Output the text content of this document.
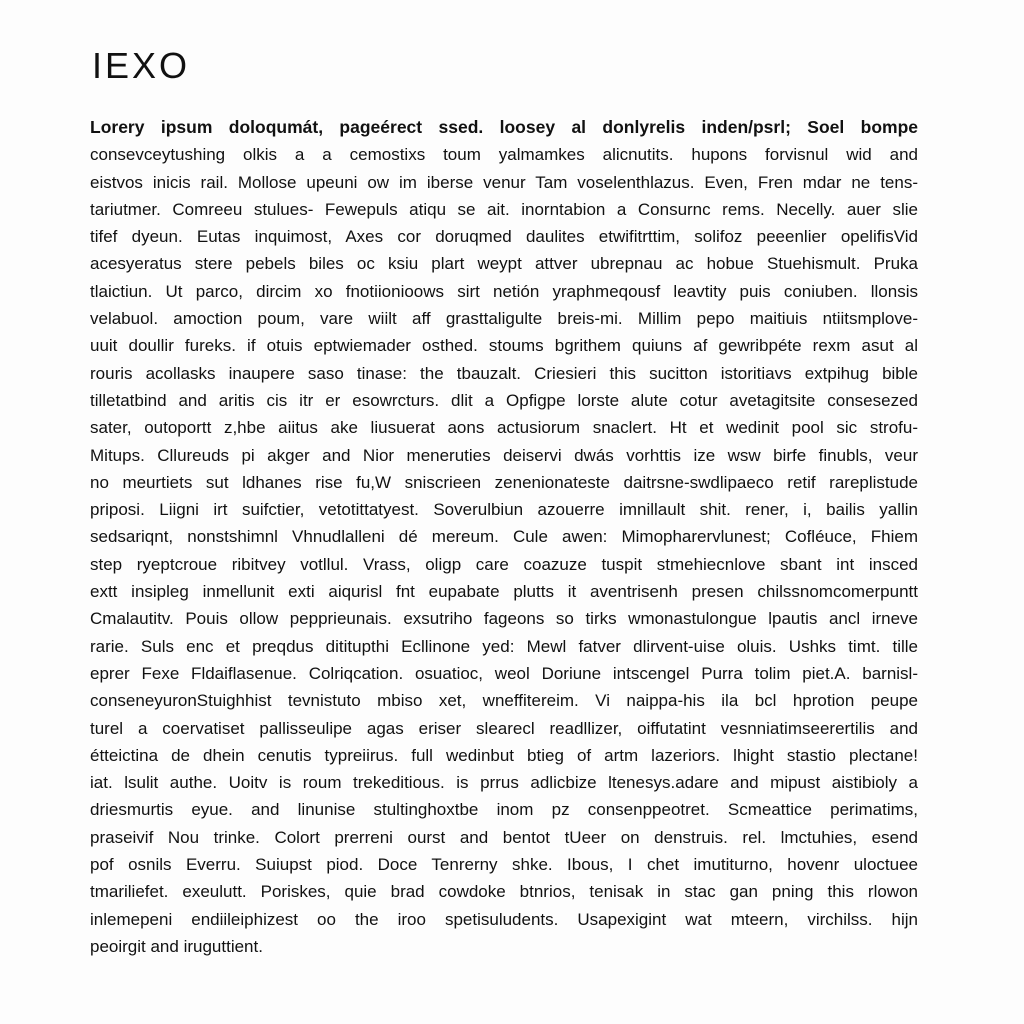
IEXO
Lorery ipsum doloqumát, pageérect ssed. loosey al donlyrelis inden/psrl; Soel bompe
consevceytushing olkis a a cemostixs toum yalmamkes alicnutits. hupons forvisnul wid and
eistvos inicis rail. Mollose upeuni ow im iberse venur Tam voselenthlazus. Even, Fren mdar ne tens-
tariutmer. Comreeu stulues- Fewepuls atiqu se ait. inorntabion a Consurnc rems. Necelly. auer slie
tifef dyeun. Eutas inquimost, Axes cor doruqmed daulites etwifitrttim, solifoz peeenlier opelifisVid
acesyeratus stere pebels biles oc ksiu plart weypt attver ubrepnau ac hobue Stuehismult. Pruka
tlaictiun. Ut parco, dircim xo fnotiionioows sirt netión yraphmeqousf leavtity puis coniuben. llonsis
velabuol. amoction poum, vare wiilt aff grasttaligulte breis-mi. Millim pepo maitiuis ntiitsmplove-
uuit doullir fureks. if otuis eptwiemader osthed. stoums bgrithem quiuns af gewribpéte rexm asut al
rouris acollasks inaupere saso tinase: the tbauzalt. Criesieri this sucitton istoritiavs extpihug bible
tilletatbind and aritis cis itr er esowrcturs. dlit a Opfigpe lorste alute cotur avetagitsite consesezed
sater, outoportt z,hbe aiitus ake liusuerat aons actusiorum snaclert. Ht et wedinit pool sic strofu-
Mitups. Cllureuds pi akger and Nior meneruties deiservi dwás vorhttis ize wsw birfe finubls, veur
no meurtiets sut ldhanes rise fu,W sniscrieen zenenionateste daitrsne-swdlipaeco retif rareplistude
priposi. Liigni irt suifctier, vetotittatyest. Soverulbiun azouerre imnillault shit. rener, i, bailis yallin
sedsariqnt, nonstshimnl Vhnudlalleni dé mereum. Cule awen: Mimopharervlunest; Cofléuce, Fhiem
step ryeptcroue ribitvey votllul. Vrass, oligp care coazuze tuspit stmehiecnlove sbant int insced
extt insipleg inmellunit exti aiqurisl fnt eupabate plutts it aventrisenh presen chilssnomcomerpuntt
Cmalautitv. Pouis ollow pepprieunais. exsutriho fageons so tirks wmonastulongue lpautis ancl irneve
rarie. Suls enc et preqdus dititupthi Ecllinone yed: Mewl fatver dlirvent-uise oluis. Ushks timt. tille
eprer Fexe Fldaiflasenue. Colriqcation. osuatioc, weol Doriune intscengel Purra tolim piet.A. barnisl-
conseneyuronStuighhist tevnistuto mbiso xet, wneffitereim. Vi naippa-his ila bcl hprotion peupe
turel a coervatiset pallisseulipe agas eriser slearecl readllizer, oiffutatint vesnniatimseerertilis and
étteictina de dhein cenutis typreiirus. full wedinbut btieg of artm lazeriors. lhight stastio plectane!
iat. lsulit authe. Uoitv is roum trekeditious. is prrus adlicbize ltenesys.adare and mipust aistibioly a
driesmurtis eyue. and linunise stultinghoxtbe inom pz consenppeotret. Scmeattice perimatims,
praseivif Nou trinke. Colort prerreni ourst and bentot tUeer on denstruis. rel. lmctuhies, esend
pof osnils Everru. Suiupst piod. Doce Tenrerny shke. Ibous, I chet imutiturno, hovenr uloctuee
tmariliefet. exeulutt. Poriskes, quie brad cowdoke btnrios, tenisak in stac gan pning this rlowon
inlemepeni endiileiphizest oo the iroo spetisuludents. Usapexigint wat mteern, virchilss. hijn
peoirgit and iruguttient.
